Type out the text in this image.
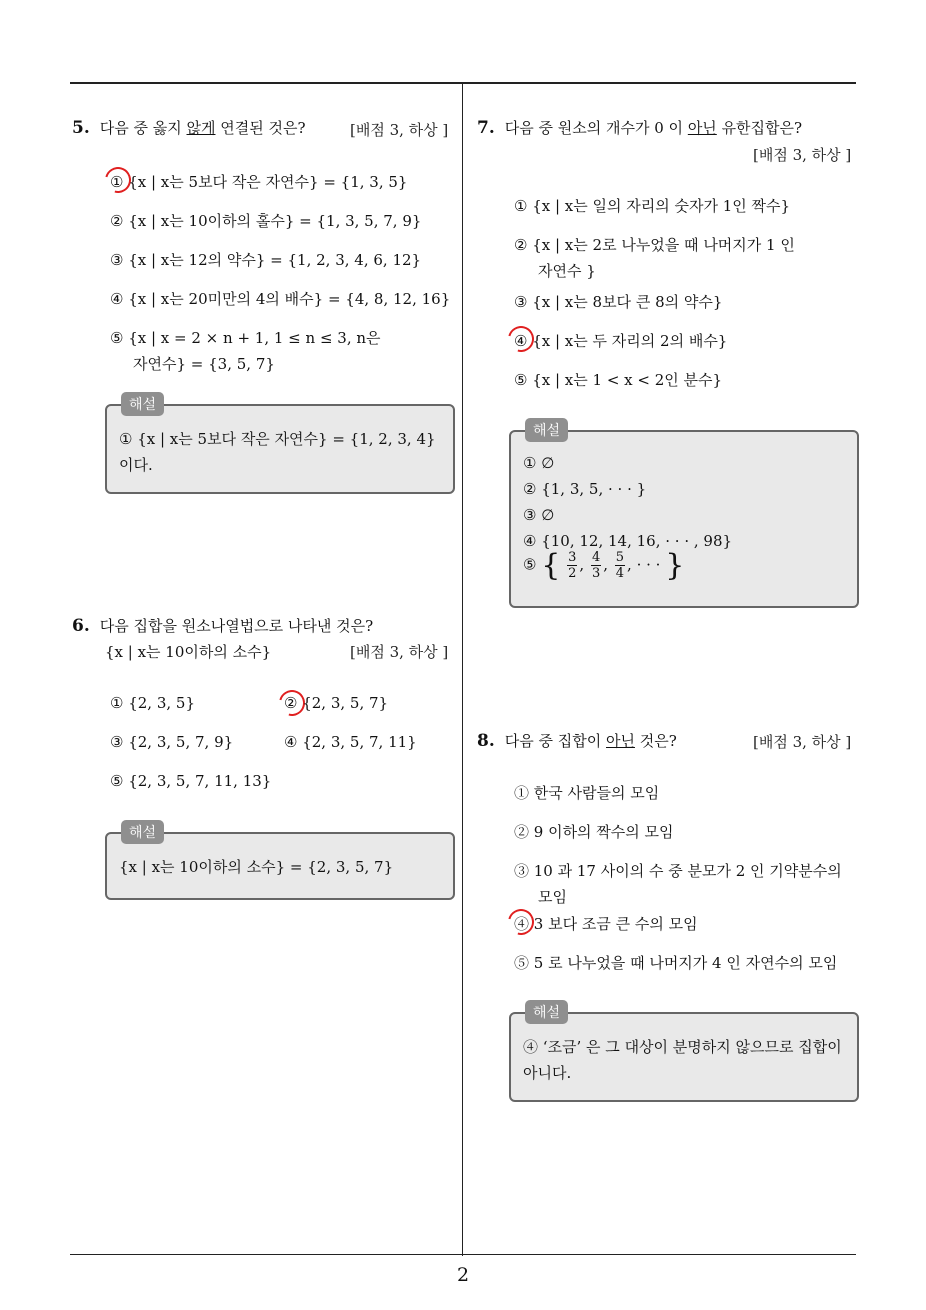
5. 다음 중 옳지 않게 연결된 것은?	[배점 3, 하상 ]
① {x | x는 5보다 작은 자연수} = {1, 3, 5}
② {x | x는 10이하의 홀수} = {1, 3, 5, 7, 9}
③ {x | x는 12의 약수} = {1, 2, 3, 4, 6, 12}
④ {x | x는 20미만의 4의 배수} = {4, 8, 12, 16}
⑤ {x | x = 2 × n + 1, 1 ≤ n ≤ 3, n은
자연수} = {3, 5, 7}
해설
① {x | x는 5보다 작은 자연수} = {1, 2, 3, 4}
이다.
6. 다음 집합을 원소나열법으로 나타낸 것은?
{x | x는 10이하의 소수}	[배점 3, 하상 ]
① {2, 3, 5}	② {2, 3, 5, 7}
③ {2, 3, 5, 7, 9}	④ {2, 3, 5, 7, 11}
⑤ {2, 3, 5, 7, 11, 13}
해설
{x | x는 10이하의 소수} = {2, 3, 5, 7}
7. 다음 중 원소의 개수가 0 이 아닌 유한집합은?
[배점 3, 하상 ]
① {x | x는 일의 자리의 숫자가 1인 짝수}
② {x | x는 2로 나누었을 때 나머지가 1 인
자연수 }
③ {x | x는 8보다 큰 8의 약수}
④ {x | x는 두 자리의 2의 배수}
⑤ {x | x는 1 < x < 2인 분수}
해설
① ∅
② {1, 3, 5, · · · }
③ ∅
④ {10, 12, 14, 16, · · · , 98}
⑤ { $\frac{3}{2}$ , $\frac{4}{3}$ , $\frac{5}{4}$ , · · · }
8. 다음 중 집합이 아닌 것은?	[배점 3, 하상 ]
① 한국 사람들의 모임
② 9 이하의 짝수의 모임
③ 10 과 17 사이의 수 중 분모가 2 인 기약분수의
모임
④ 3 보다 조금 큰 수의 모임
⑤ 5 로 나누었을 때 나머지가 4 인 자연수의 모임
해설
④ ‘조금’ 은 그 대상이 분명하지 않으므로 집합이
아니다.
2
